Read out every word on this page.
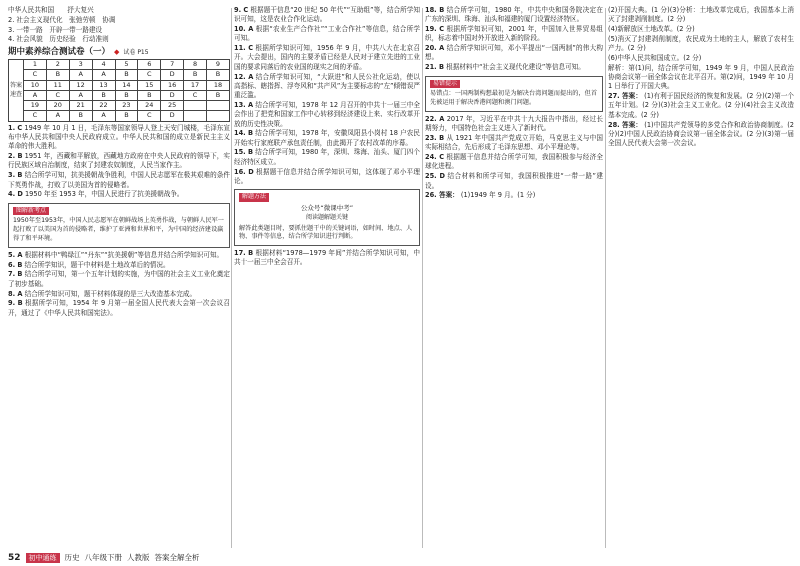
中华人民共和国　　抒大复兴

2. 社会主义现代化　张弛劳顿　协调

3. 一带一路　开辟一带一路建设

4. 社会风貌　历史经验　行动准则

期中素养综合测试卷（一） ◆ 试卷 P15
答案速查	1	2	3	4	5	6	7	8	9
	C	B	A	A	B	C	D	B	B
	10	11	12	13	14	15	16	17	18
	A	C	A	B	B	B	D	C	B
	19	20	21	22	23	24	25		
	C	A	B	A	B	C	D		

1. C 1949 年 10 月 1 日，毛泽东等国家领导人登上天安门城楼，毛泽东宣布中华人民共和国中央人民政府成立。中华人民共和国的成立是新民主主义革命的伟大胜利。

2. B 1951 年，西藏和平解放，西藏地方政府在中央人民政府的领导下，实行民族区域自治制度，结束了封建农奴制度，人民当家作主。

3. B 结合所学可知，抗美援朝战争胜利，中国人民志愿军在极其艰难的条件下英勇作战，打败了以美国为首的侵略者。

4. D 1950 年至 1953 年，中国人民进行了抗美援朝战争。

图解新考点
1950年至1953年，中国人民志愿军在朝鲜战场上英勇作战，与朝鲜人民军一起打败了以美国为首的侵略者，维护了亚洲和世界和平，为中国的经济建设赢得了和平环境。

5. A 根据材料中“鸭绿江”“丹东”“抗美援朝”等信息并结合所学知识可知。

6. B 结合所学知识，题干中材料是土地改革后的情况。

7. B 结合所学可知，第一个五年计划的实施，为中国的社会主义工业化奠定了初步基础。

8. A 结合所学知识可知，题干材料体现的是三大改造基本完成。

9. B 根据所学可知，1954 年 9 月第一届全国人民代表大会第一次会议召开，通过了《中华人民共和国宪法》。

9. C 根据题干信息“20 世纪 50 年代”“互助组”等，结合所学知识可知，这是农业合作化运动。

10. A 根据“农业生产合作社”“工业合作社”等信息，结合所学可知。

11. C 根据所学知识可知，1956 年 9 月，中共八大在北京召开。大会提出，国内的主要矛盾已经是人民对于建立先进的工业国的要求同落后的农业国的现实之间的矛盾。

12. A 结合所学知识可知，“大跃进”和人民公社化运动，使以高指标、瞎指挥、浮夸风和“共产风”为主要标志的“左”倾错误严重泛滥。

13. A 结合所学可知，1978 年 12 月召开的中共十一届三中全会作出了把党和国家工作中心转移到经济建设上来、实行改革开放的历史性决策。

14. B 结合所学可知，1978 年，安徽凤阳县小岗村 18 户农民开始实行家庭联产承包责任制，由此揭开了农村改革的序幕。

15. B 结合所学可知，1980 年，深圳、珠海、汕头、厦门四个经济特区成立。

16. D 根据题干信息并结合所学知识可知，这体现了邓小平理论。

解题方法
公众号“微课中考”
阅读题解题关键
解答此类题目时，要抓住题干中的关键词语，如时间、地点、人物、事件等信息，结合所学知识进行判断。

17. B 根据材料“1978—1979 年间”并结合所学知识可知，中共十一届三中全会召开。

18. B 结合所学可知，1980 年，中共中央和国务院决定在广东的深圳、珠海、汕头和福建的厦门设置经济特区。

19. C 根据所学知识可知，2001 年，中国加入世界贸易组织，标志着中国对外开放进入新的阶段。

20. A 结合所学知识可知，邓小平提出“一国两制”的伟大构想。

21. B 根据材料中“社会主义现代化建设”等信息可知。

易错提示
易错点：一国两制构想最初是为解决台湾问题而提出的，但首先被运用于解决香港问题和澳门问题。

22. A 2017 年，习近平在中共十九大报告中指出，经过长期努力，中国特色社会主义进入了新时代。

23. B 从 1921 年中国共产党成立开始，马克思主义与中国实际相结合，先后形成了毛泽东思想、邓小平理论等。

24. C 根据题干信息并结合所学可知，我国积极参与经济全球化进程。

25. D 结合材料和所学可知，我国积极推进“一带一路”建设。

26. 答案： (1)1949 年 9 月。(1 分)

(2)开国大典。(1 分)(3)分析：土地改革完成后，我国基本上消灭了封建剥削制度。(2 分)

(4)新解放区土地改革。(2 分)

(5)消灭了封建剥削制度，农民成为土地的主人，解放了农村生产力。(2 分)

(6)中华人民共和国成立。(2 分)

解析：第(1)问，结合所学可知，1949 年 9 月，中国人民政治协商会议第一届全体会议在北平召开。第(2)问，1949 年 10 月 1 日举行了开国大典。

27. 答案： (1)有利于国民经济的恢复和发展。(2 分)(2)第一个五年计划。(2 分)(3)社会主义工业化。(2 分)(4)社会主义改造基本完成。(2 分)

28. 答案： (1)中国共产党领导的多党合作和政治协商制度。(2 分)(2)中国人民政治协商会议第一届全体会议。(2 分)(3)第一届全国人民代表大会第一次会议。

52	初中通练	历史 八年级下册 人教版 答案全解全析
